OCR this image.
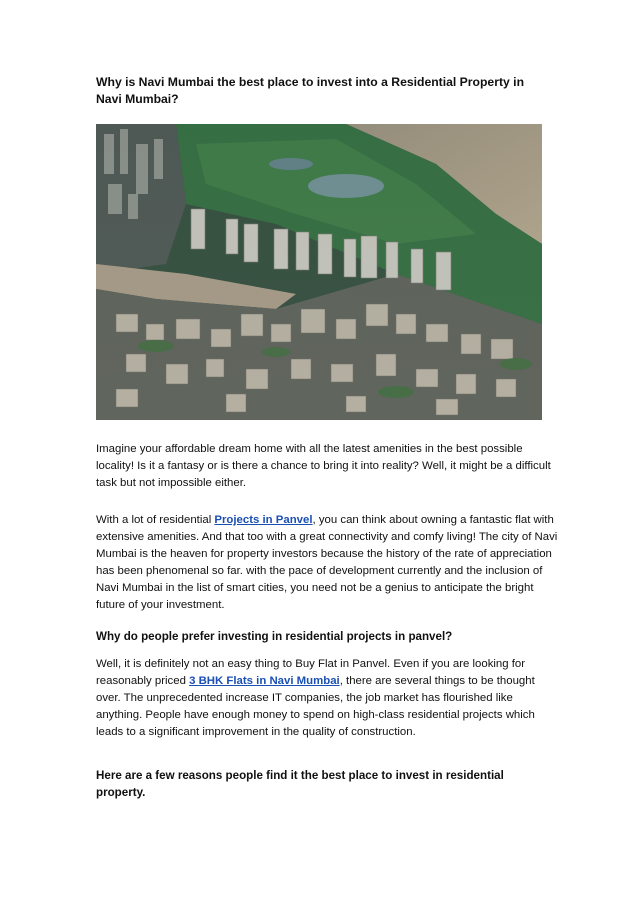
Why is Navi Mumbai the best place to invest into a Residential Property in Navi Mumbai?

Imagine your affordable dream home with all the latest amenities in the best possible locality! Is it a fantasy or is there a chance to bring it into reality? Well, it might be a difficult task but not impossible either.

With a lot of residential Projects in Panvel, you can think about owning a fantastic flat with extensive amenities. And that too with a great connectivity and comfy living! The city of Navi Mumbai is the heaven for property investors because the history of the rate of appreciation has been phenomenal so far. with the pace of development currently and the inclusion of Navi Mumbai in the list of smart cities, you need not be a genius to anticipate the bright future of your investment.

Why do people prefer investing in residential projects in panvel?

Well, it is definitely not an easy thing to Buy Flat in Panvel. Even if you are looking for reasonably priced 3 BHK Flats in Navi Mumbai, there are several things to be thought over. The unprecedented increase IT companies, the job market has flourished like anything. People have enough money to spend on high-class residential projects which leads to a significant improvement in the quality of construction.

Here are a few reasons people find it the best place to invest in residential property.
